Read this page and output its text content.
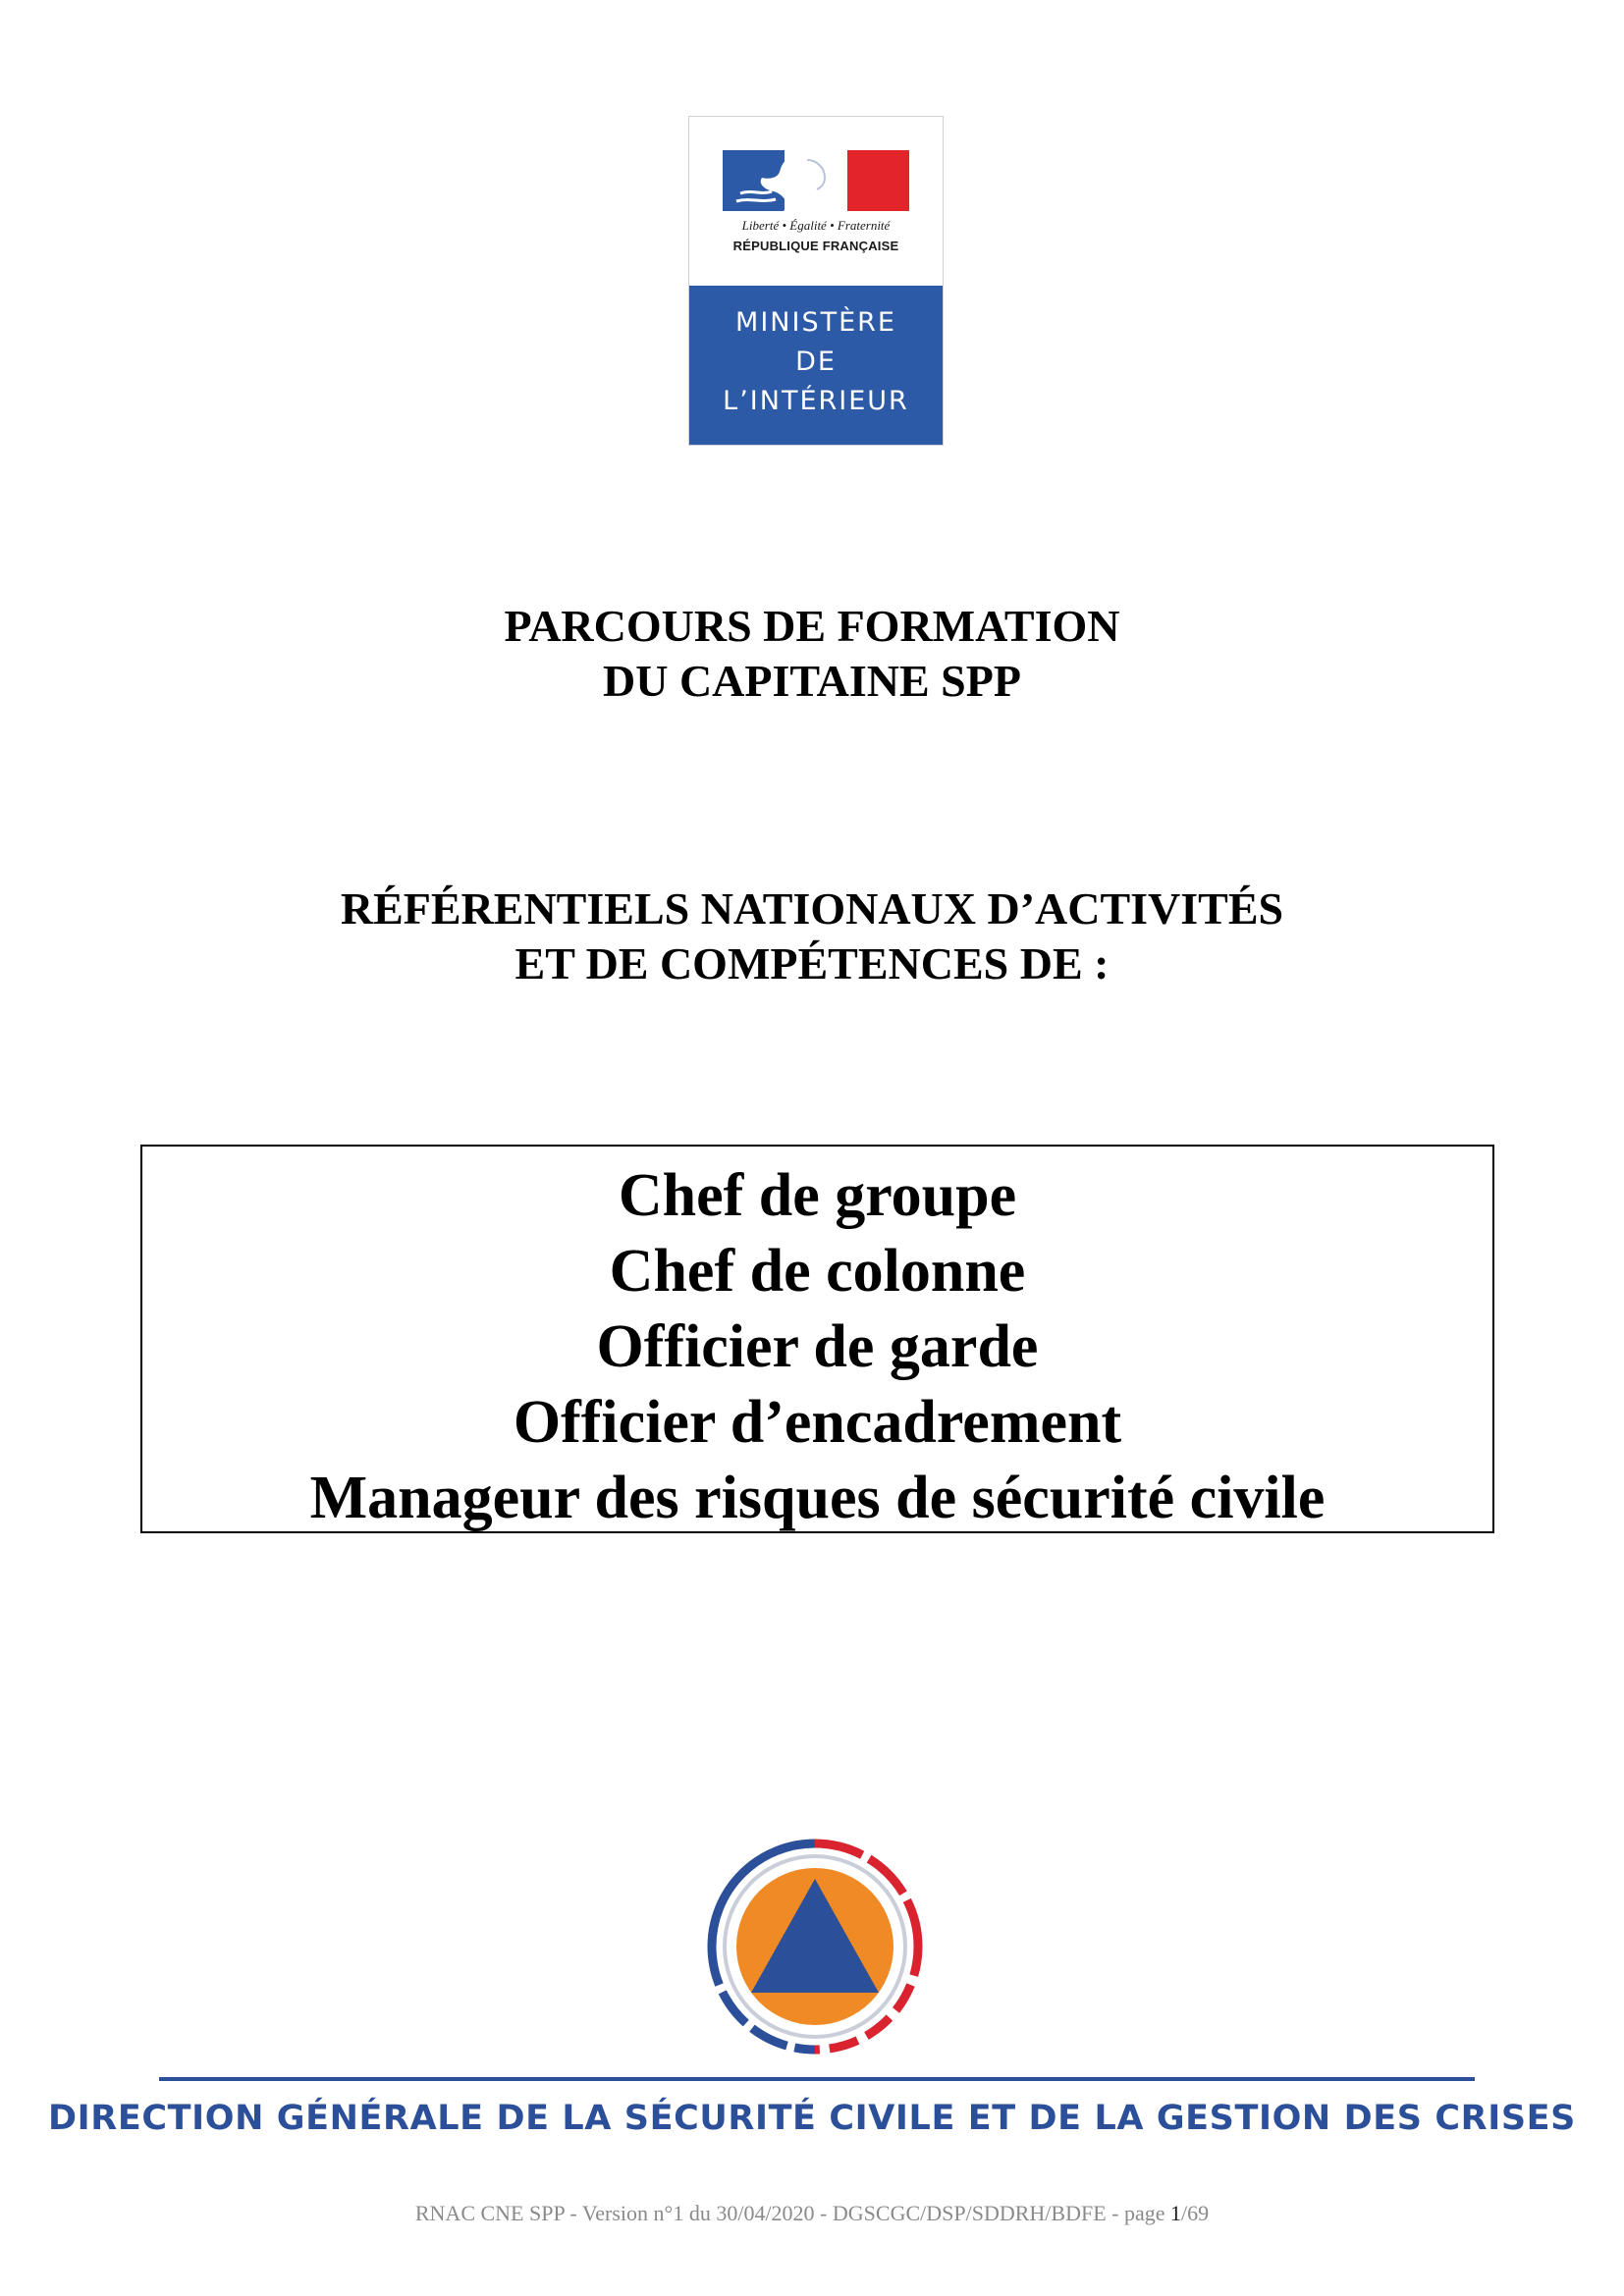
Liberté • Égalité • Fraternité
RÉPUBLIQUE FRANÇAISE
MINISTÈRE
DE
L’INTÉRIEUR
PARCOURS DE FORMATION
DU CAPITAINE SPP
RÉFÉRENTIELS NATIONAUX D’ACTIVITÉS
ET DE COMPÉTENCES DE :
Chef de groupe
Chef de colonne
Officier de garde
Officier d’encadrement
Manageur des risques de sécurité civile
DIRECTION GÉNÉRALE DE LA SÉCURITÉ CIVILE ET DE LA GESTION DES CRISES
RNAC CNE SPP - Version n°1 du 30/04/2020 - DGSCGC/DSP/SDDRH/BDFE - page 1/69
